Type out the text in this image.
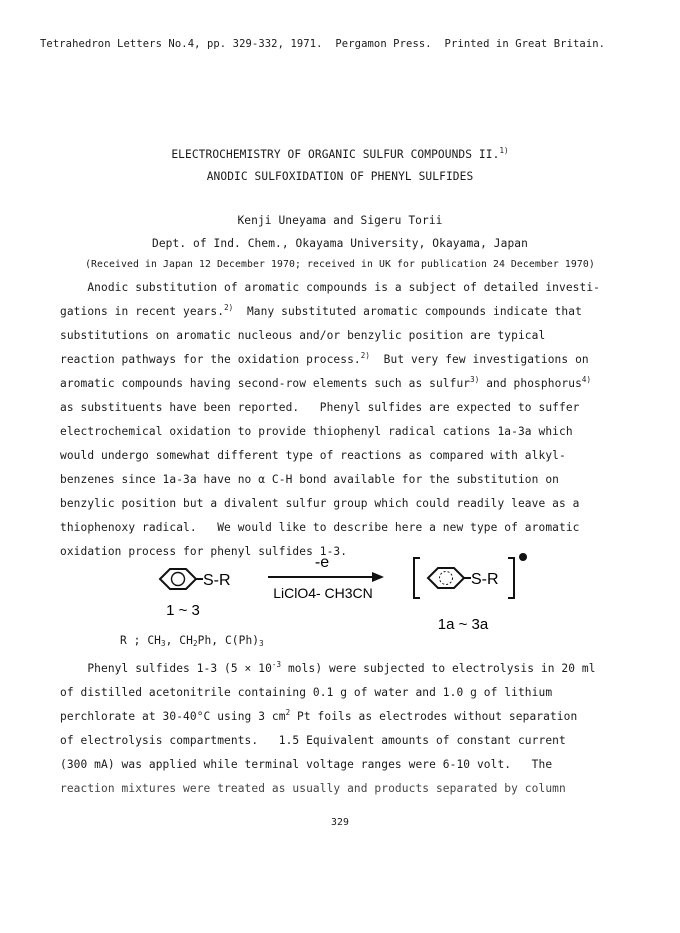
Tetrahedron Letters No.4, pp. 329-332, 1971.  Pergamon Press.  Printed in Great Britain.
ELECTROCHEMISTRY OF ORGANIC SULFUR COMPOUNDS II.$^{1)}$
ANODIC SULFOXIDATION OF PHENYL SULFIDES
Kenji Uneyama and Sigeru Torii
Dept. of Ind. Chem., Okayama University, Okayama, Japan
(Received in Japan 12 December 1970; received in UK for publication 24 December 1970)
Anodic substitution of aromatic compounds is a subject of detailed investi-
gations in recent years.$^{2)}$  Many substituted aromatic compounds indicate that
substitutions on aromatic nucleous and/or benzylic position are typical
reaction pathways for the oxidation process.$^{2)}$  But very few investigations on
aromatic compounds having second-row elements such as sulfur$^{3)}$ and phosphorus$^{4)}$
as substituents have been reported.   Phenyl sulfides are expected to suffer
electrochemical oxidation to provide thiophenyl radical cations 1a-3a which
would undergo somewhat different type of reactions as compared with alkyl-
benzenes since 1a-3a have no α C-H bond available for the substitution on
benzylic position but a divalent sulfur group which could readily leave as a
thiophenoxy radical.   We would like to describe here a new type of aromatic
oxidation process for phenyl sulfides 1-3.
S-R
1 ~ 3
-e
LiClO4- CH3CN
S-R
1a ~ 3a
R ; $CH_3$, $CH_2Ph$, $C(Ph)_3$
Phenyl sulfides 1-3 ($5 \times 10^{-3}$ mols) were subjected to electrolysis in 20 ml
of distilled acetonitrile containing 0.1 g of water and 1.0 g of lithium
perchlorate at 30-40°C using 3 $cm^2$ Pt foils as electrodes without separation
of electrolysis compartments.   1.5 Equivalent amounts of constant current
(300 mA) was applied while terminal voltage ranges were 6-10 volt.   The
reaction mixtures were treated as usually and products separated by column
329
